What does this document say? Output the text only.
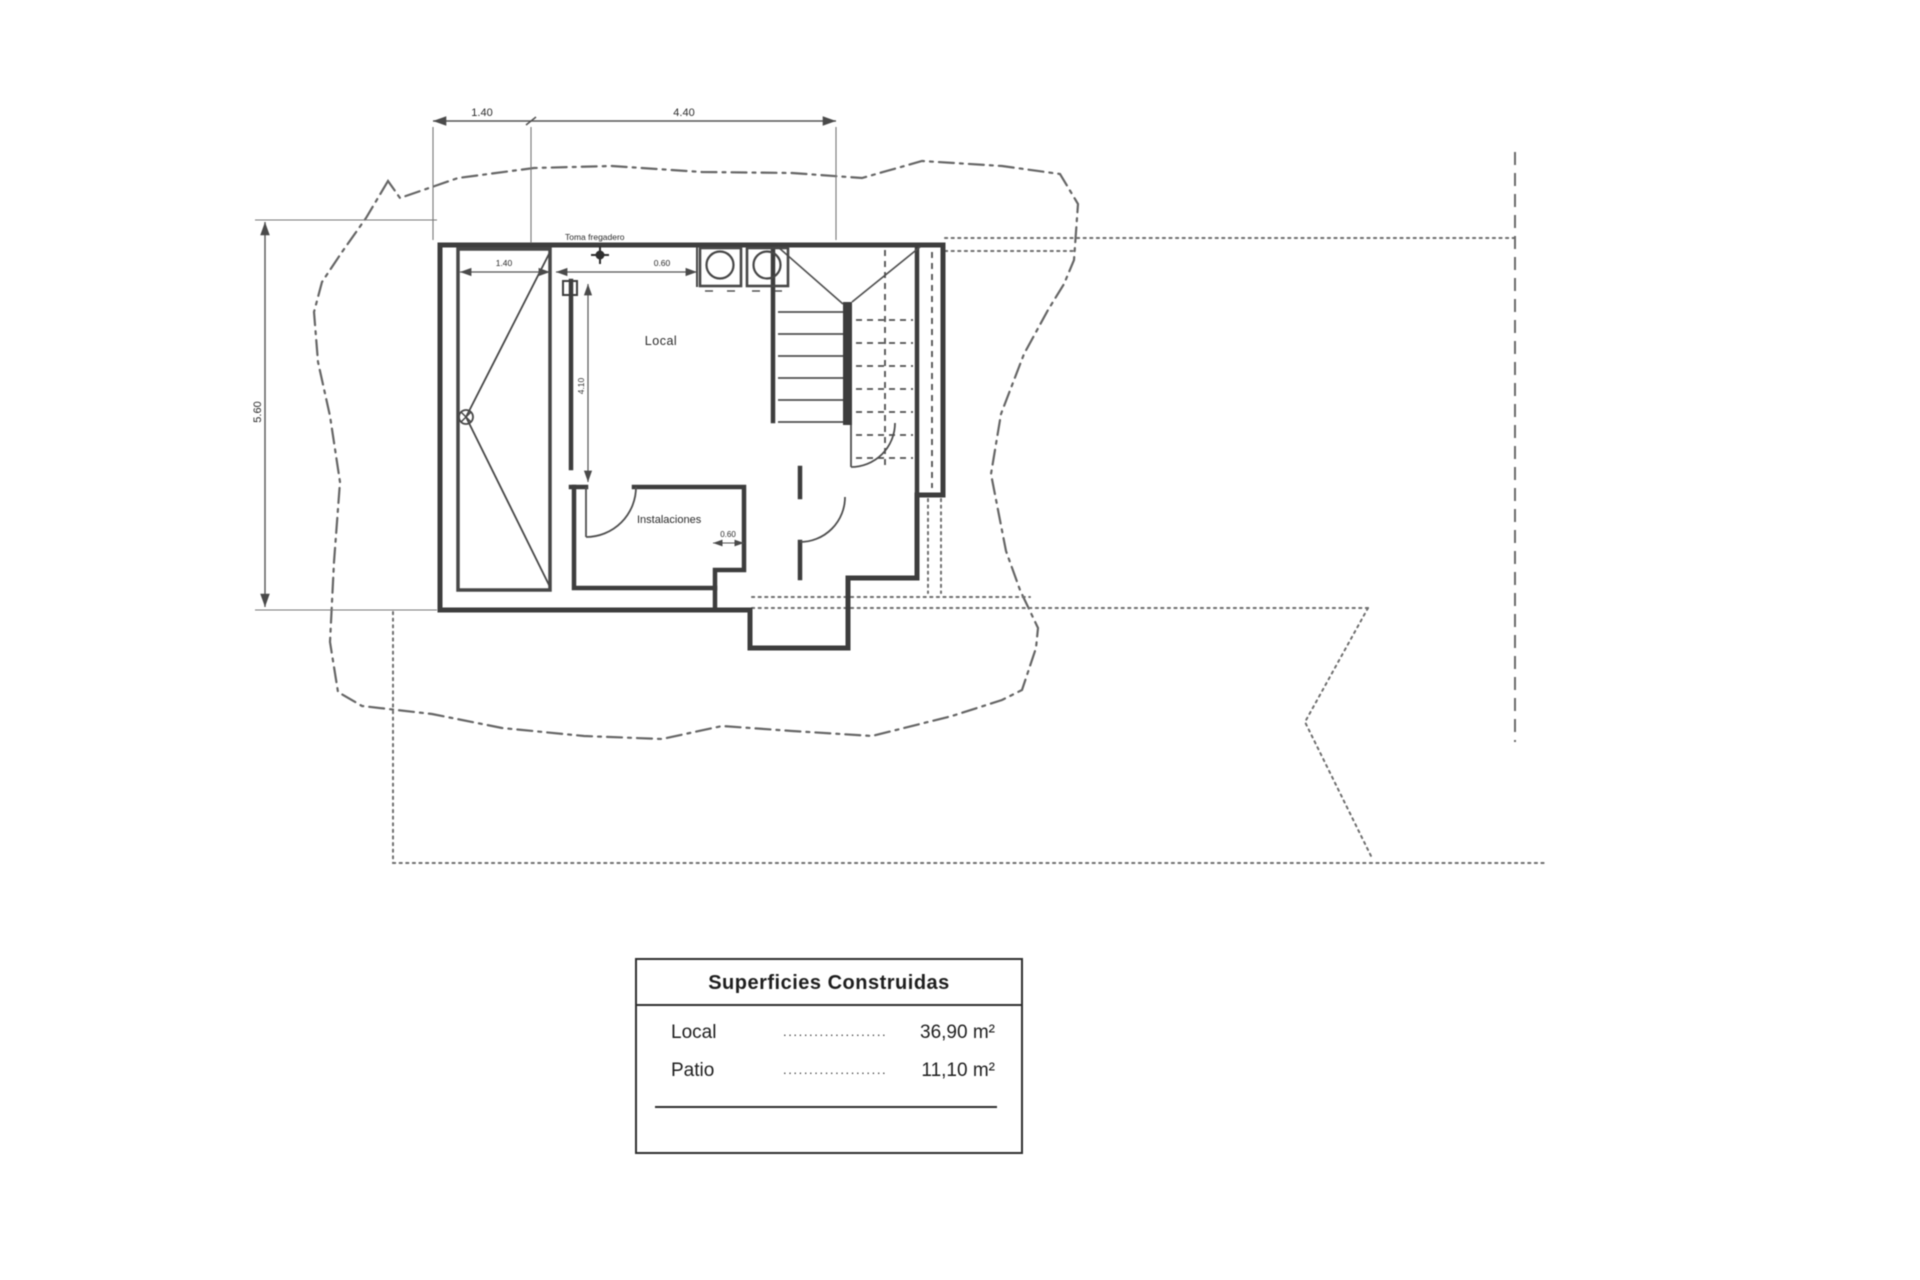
1.40	4.40
5.60
1.40	0.60
4.10
0.60
Toma fregadero
Local
Instalaciones
Superficies Construidas
Local	....................	36,90 m²
Patio	....................	11,10 m²
